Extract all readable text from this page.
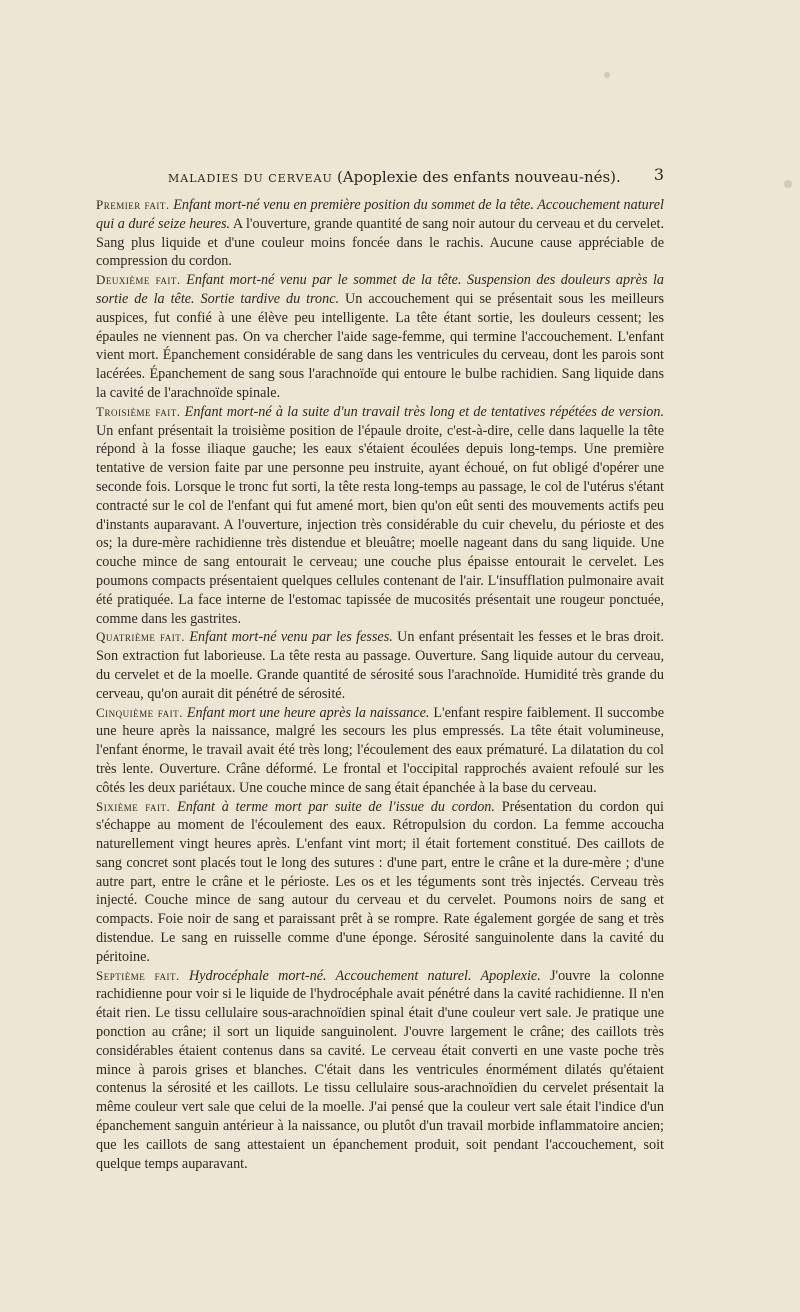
MALADIES DU CERVEAU (Apoplexie des enfants nouveau-nés). 3

Premier fait. Enfant mort-né venu en première position du sommet de la tête. Accouchement naturel qui a duré seize heures. A l'ouverture, grande quantité de sang noir autour du cerveau et du cervelet. Sang plus liquide et d'une couleur moins foncée dans le rachis. Aucune cause appréciable de compression du cordon.

Deuxième fait. Enfant mort-né venu par le sommet de la tête. Suspension des douleurs après la sortie de la tête. Sortie tardive du tronc. Un accouchement qui se présentait sous les meilleurs auspices, fut confié à une élève peu intelligente. La tête étant sortie, les douleurs cessent; les épaules ne viennent pas. On va chercher l'aide sage-femme, qui termine l'accouchement. L'enfant vient mort. Épanchement considérable de sang dans les ventricules du cerveau, dont les parois sont lacérées. Épanchement de sang sous l'arachnoïde qui entoure le bulbe rachidien. Sang liquide dans la cavité de l'arachnoïde spinale.

Troisième fait. Enfant mort-né à la suite d'un travail très long et de tentatives répétées de version. Un enfant présentait la troisième position de l'épaule droite, c'est-à-dire, celle dans laquelle la tête répond à la fosse iliaque gauche; les eaux s'étaient écoulées depuis long-temps. Une première tentative de version faite par une personne peu instruite, ayant échoué, on fut obligé d'opérer une seconde fois. Lorsque le tronc fut sorti, la tête resta long-temps au passage, le col de l'utérus s'étant contracté sur le col de l'enfant qui fut amené mort, bien qu'on eût senti des mouvements actifs peu d'instants auparavant. A l'ouverture, injection très considérable du cuir chevelu, du périoste et des os; la dure-mère rachidienne très distendue et bleuâtre; moelle nageant dans du sang liquide. Une couche mince de sang entourait le cerveau; une couche plus épaisse entourait le cervelet. Les poumons compacts présentaient quelques cellules contenant de l'air. L'insufflation pulmonaire avait été pratiquée. La face interne de l'estomac tapissée de mucosités présentait une rougeur ponctuée, comme dans les gastrites.

Quatrième fait. Enfant mort-né venu par les fesses. Un enfant présentait les fesses et le bras droit. Son extraction fut laborieuse. La tête resta au passage. Ouverture. Sang liquide autour du cerveau, du cervelet et de la moelle. Grande quantité de sérosité sous l'arachnoïde. Humidité très grande du cerveau, qu'on aurait dit pénétré de sérosité.

Cinquième fait. Enfant mort une heure après la naissance. L'enfant respire faiblement. Il succombe une heure après la naissance, malgré les secours les plus empressés. La tête était volumineuse, l'enfant énorme, le travail avait été très long; l'écoulement des eaux prématuré. La dilatation du col très lente. Ouverture. Crâne déformé. Le frontal et l'occipital rapprochés avaient refoulé sur les côtés les deux pariétaux. Une couche mince de sang était épanchée à la base du cerveau.

Sixième fait. Enfant à terme mort par suite de l'issue du cordon. Présentation du cordon qui s'échappe au moment de l'écoulement des eaux. Rétropulsion du cordon. La femme accoucha naturellement vingt heures après. L'enfant vint mort; il était fortement constitué. Des caillots de sang concret sont placés tout le long des sutures : d'une part, entre le crâne et la dure-mère ; d'une autre part, entre le crâne et le périoste. Les os et les téguments sont très injectés. Cerveau très injecté. Couche mince de sang autour du cerveau et du cervelet. Poumons noirs de sang et compacts. Foie noir de sang et paraissant prêt à se rompre. Rate également gorgée de sang et très distendue. Le sang en ruisselle comme d'une éponge. Sérosité sanguinolente dans la cavité du péritoine.

Septième fait. Hydrocéphale mort-né. Accouchement naturel. Apoplexie. J'ouvre la colonne rachidienne pour voir si le liquide de l'hydrocéphale avait pénétré dans la cavité rachidienne. Il n'en était rien. Le tissu cellulaire sous-arachnoïdien spinal était d'une couleur vert sale. Je pratique une ponction au crâne; il sort un liquide sanguinolent. J'ouvre largement le crâne; des caillots très considérables étaient contenus dans sa cavité. Le cerveau était converti en une vaste poche très mince à parois grises et blanches. C'était dans les ventricules énormément dilatés qu'étaient contenus la sérosité et les caillots. Le tissu cellulaire sous-arachnoïdien du cervelet présentait la même couleur vert sale que celui de la moelle. J'ai pensé que la couleur vert sale était l'indice d'un épanchement sanguin antérieur à la naissance, ou plutôt d'un travail morbide inflammatoire ancien; que les caillots de sang attestaient un épanchement produit, soit pendant l'accouchement, soit quelque temps auparavant.
